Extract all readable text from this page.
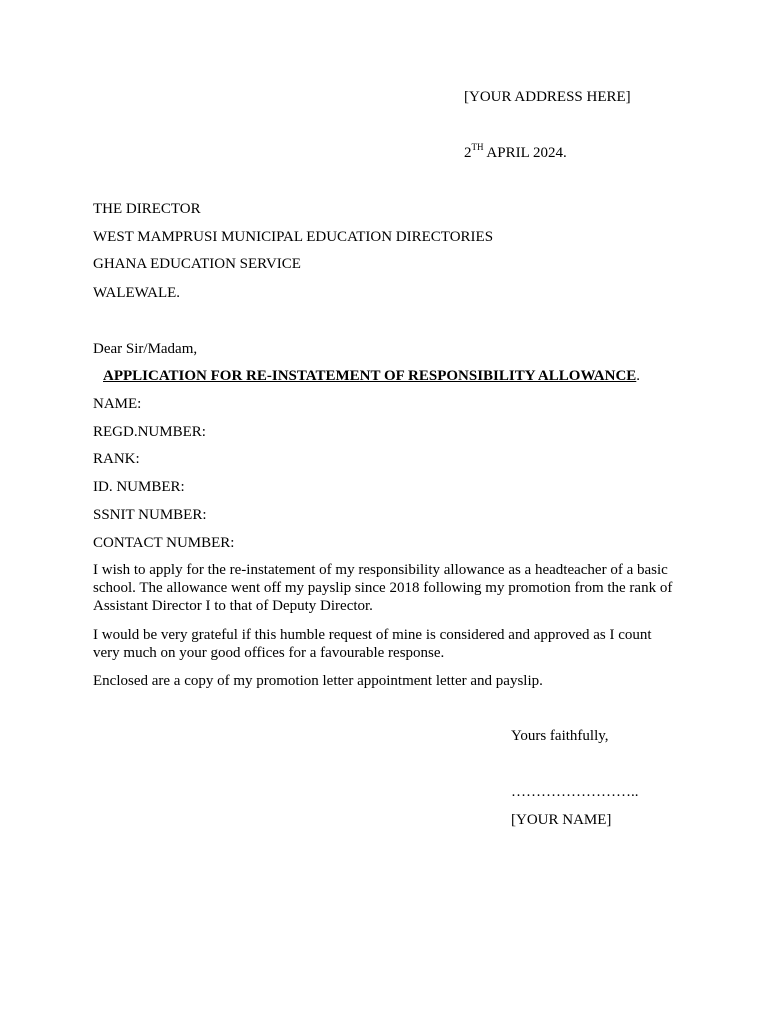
[YOUR ADDRESS HERE]
2TH APRIL 2024.
THE DIRECTOR
WEST MAMPRUSI MUNICIPAL EDUCATION DIRECTORIES
GHANA EDUCATION SERVICE
WALEWALE.
Dear Sir/Madam,
APPLICATION FOR RE-INSTATEMENT OF RESPONSIBILITY ALLOWANCE.
NAME:
REGD.NUMBER:
RANK:
ID. NUMBER:
SSNIT NUMBER:
CONTACT NUMBER:
I wish to apply for the re-instatement of my responsibility allowance as a headteacher of a basic school. The allowance went off my payslip since 2018 following my promotion from the rank of Assistant Director I to that of Deputy Director.
I would be very grateful if this humble request of mine is considered and approved as I count very much on your good offices for a favourable response.
Enclosed are a copy of my promotion letter appointment letter and payslip.
Yours faithfully,
……………………..
[YOUR NAME]
